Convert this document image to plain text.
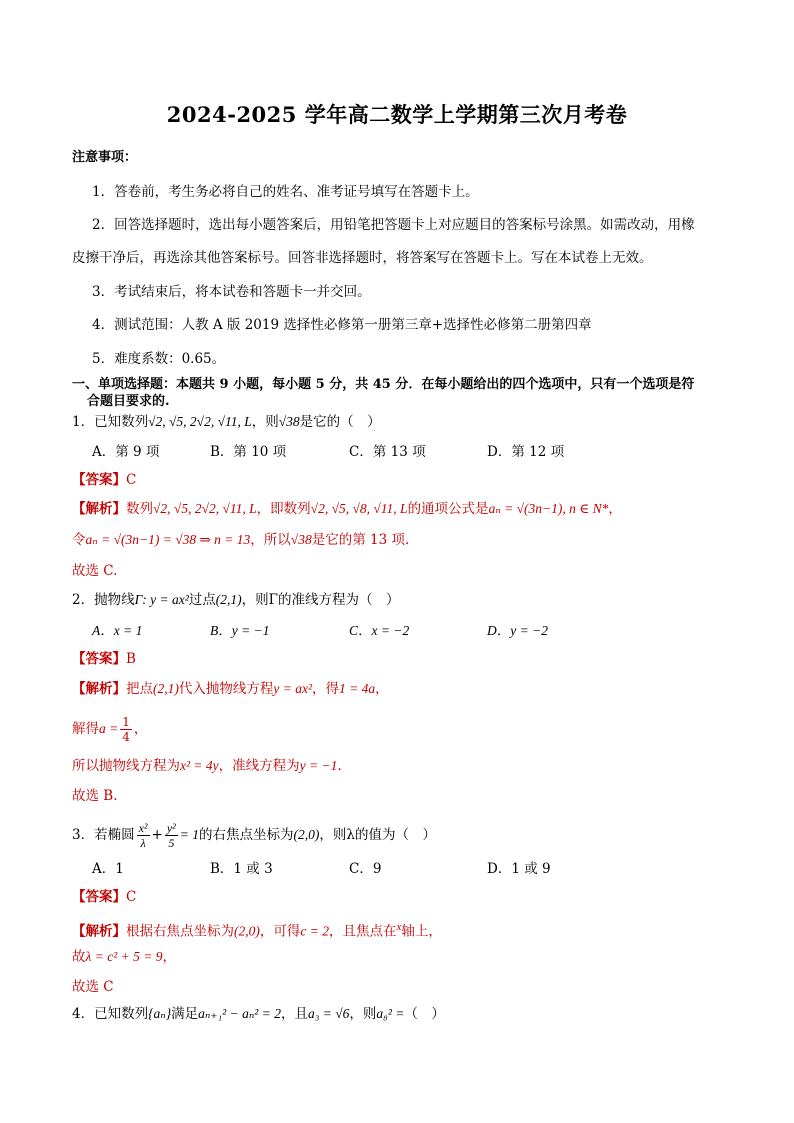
2024-2025 学年高二数学上学期第三次月考卷
注意事项：
1．答卷前，考生务必将自己的姓名、准考证号填写在答题卡上。
2．回答选择题时，选出每小题答案后，用铅笔把答题卡上对应题目的答案标号涂黑。如需改动，用橡
皮擦干净后，再选涂其他答案标号。回答非选择题时，将答案写在答题卡上。写在本试卷上无效。
3．考试结束后，将本试卷和答题卡一并交回。
4．测试范围：人教 A 版 2019 选择性必修第一册第三章+选择性必修第二册第四章
5．难度系数：0.65。
一、单项选择题：本题共 9 小题，每小题 5 分，共 45 分．在每小题给出的四个选项中，只有一个选项是符
合题目要求的.
1．已知数列√2, √5, 2√2, √11, L，则√38是它的（　）
A．第 9 项	B．第 10 项	C．第 13 项	D．第 12 项
【答案】C
【解析】数列√2, √5, 2√2, √11, L，即数列√2, √5, √8, √11, L的通项公式是aₙ = √(3n−1), n ∈ N*，
令aₙ = √(3n−1) = √38 ⇒ n = 13，所以√38是它的第 13 项.
故选 C.
2．抛物线Γ: y = ax²过点(2,1)，则Γ的准线方程为（　）
A．x = 1	B．y = −1	C．x = −2	D．y = −2
【答案】B
【解析】把点(2,1)代入抛物线方程y = ax²，得1 = 4a，
解得$a = \frac{1}{4}$ ，
所以抛物线方程为x² = 4y，准线方程为y = −1.
故选 B.
3．若椭圆 $\frac{\text{x²}}{\lambda} + \frac{\text{y²}}{5} = 1$的右焦点坐标为(2,0)，则λ的值为（　）
A．1	B．1 或 3	C．9	D．1 或 9
【答案】C
【解析】根据右焦点坐标为(2,0)，可得c = 2，且焦点在$^x$轴上，
故λ = c² + 5 = 9，
故选 C
4．已知数列{aₙ}满足aₙ₊₁² − aₙ² = 2，且a₃ = √6，则a₈² =（　）
